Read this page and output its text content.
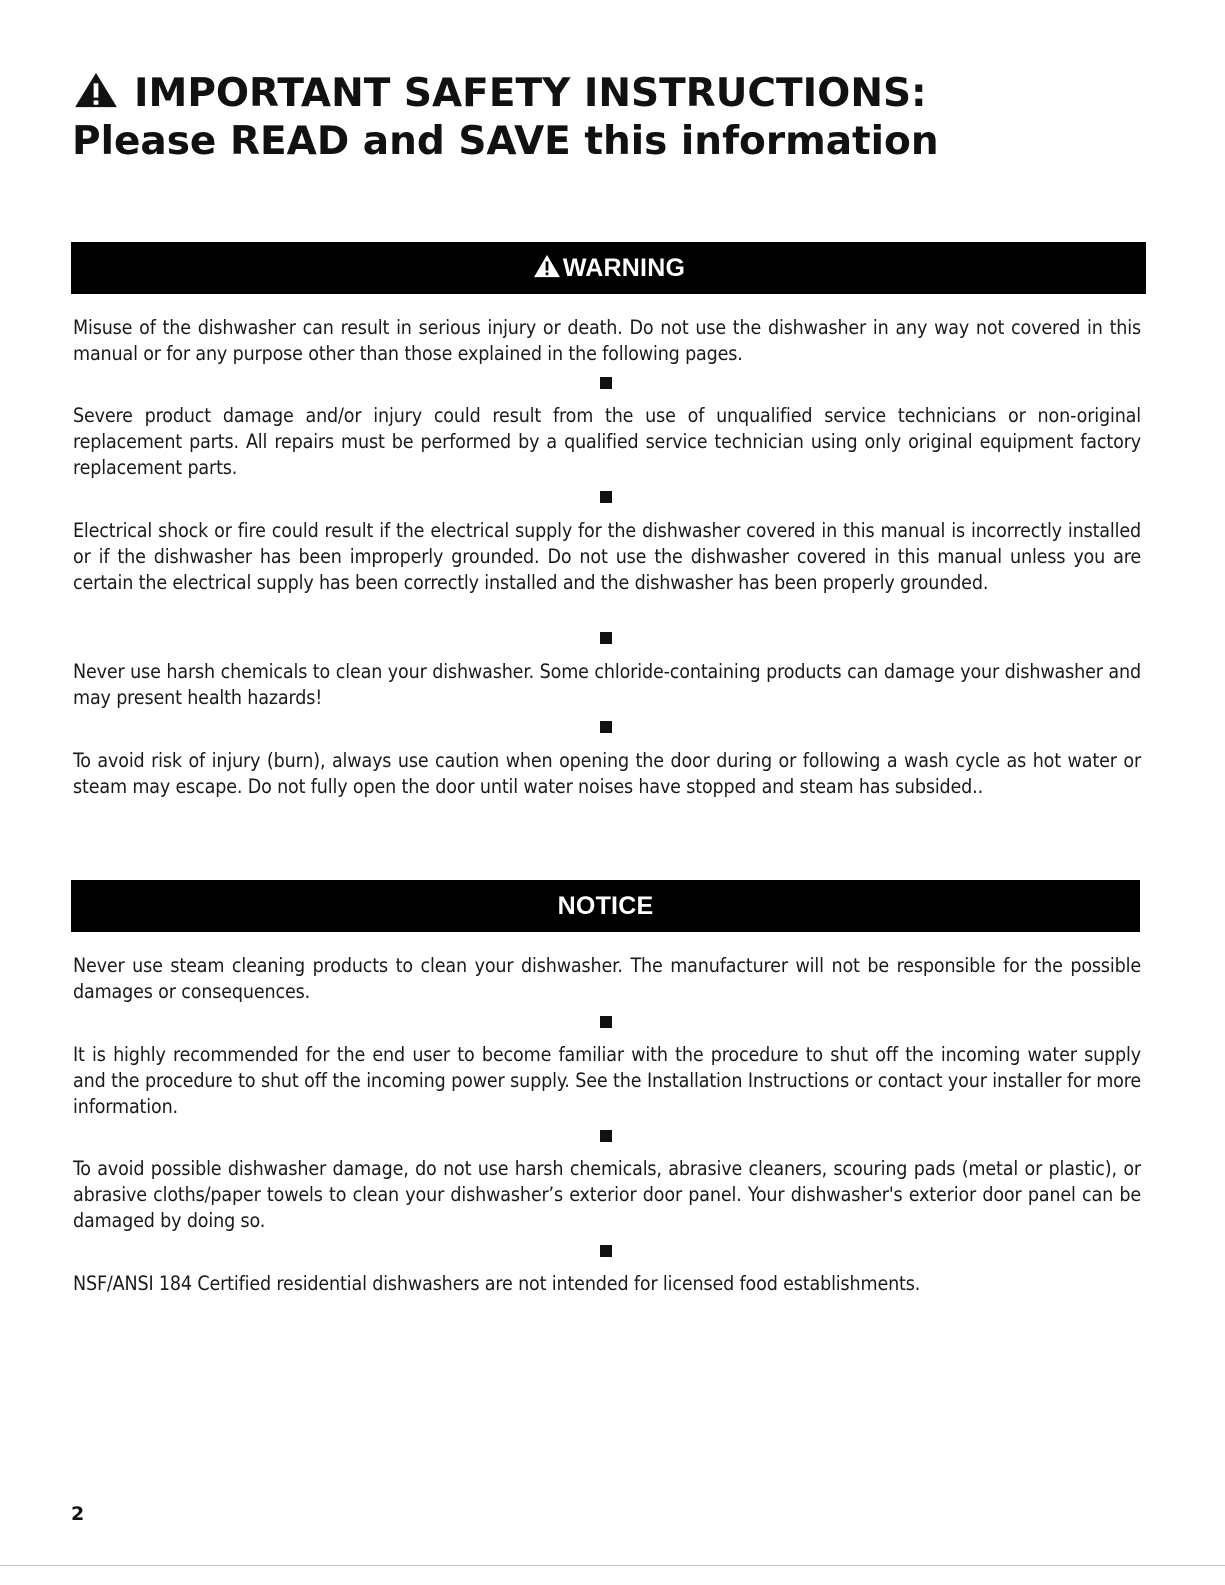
IMPORTANT SAFETY INSTRUCTIONS:
Please READ and SAVE this information
WARNING

Misuse of the dishwasher can result in serious injury or death. Do not use the dishwasher in any way not covered in this manual or for any purpose other than those explained in the following pages.

Severe product damage and/or injury could result from the use of unqualified service technicians or non-original replacement parts. All repairs must be performed by a qualified service technician using only original equipment factory replacement parts.

Electrical shock or fire could result if the electrical supply for the dishwasher covered in this manual is incorrectly installed or if the dishwasher has been improperly grounded. Do not use the dishwasher covered in this manual unless you are certain the electrical supply has been correctly installed and the dishwasher has been properly grounded.

Never use harsh chemicals to clean your dishwasher. Some chloride-containing products can damage your dishwasher and may present health hazards!

To avoid risk of injury (burn), always use caution when opening the door during or following a wash cycle as hot water or steam may escape. Do not fully open the door until water noises have stopped and steam has subsided..

NOTICE

Never use steam cleaning products to clean your dishwasher. The manufacturer will not be responsible for the possible damages or consequences.

It is highly recommended for the end user to become familiar with the procedure to shut off the incoming water supply and the procedure to shut off the incoming power supply. See the Installation Instructions or contact your installer for more information.

To avoid possible dishwasher damage, do not use harsh chemicals, abrasive cleaners, scouring pads (metal or plastic), or abrasive cloths/paper towels to clean your dishwasher’s exterior door panel. Your dishwasher's exterior door panel can be damaged by doing so.

NSF/ANSI 184 Certified residential dishwashers are not intended for licensed food establishments.

2
